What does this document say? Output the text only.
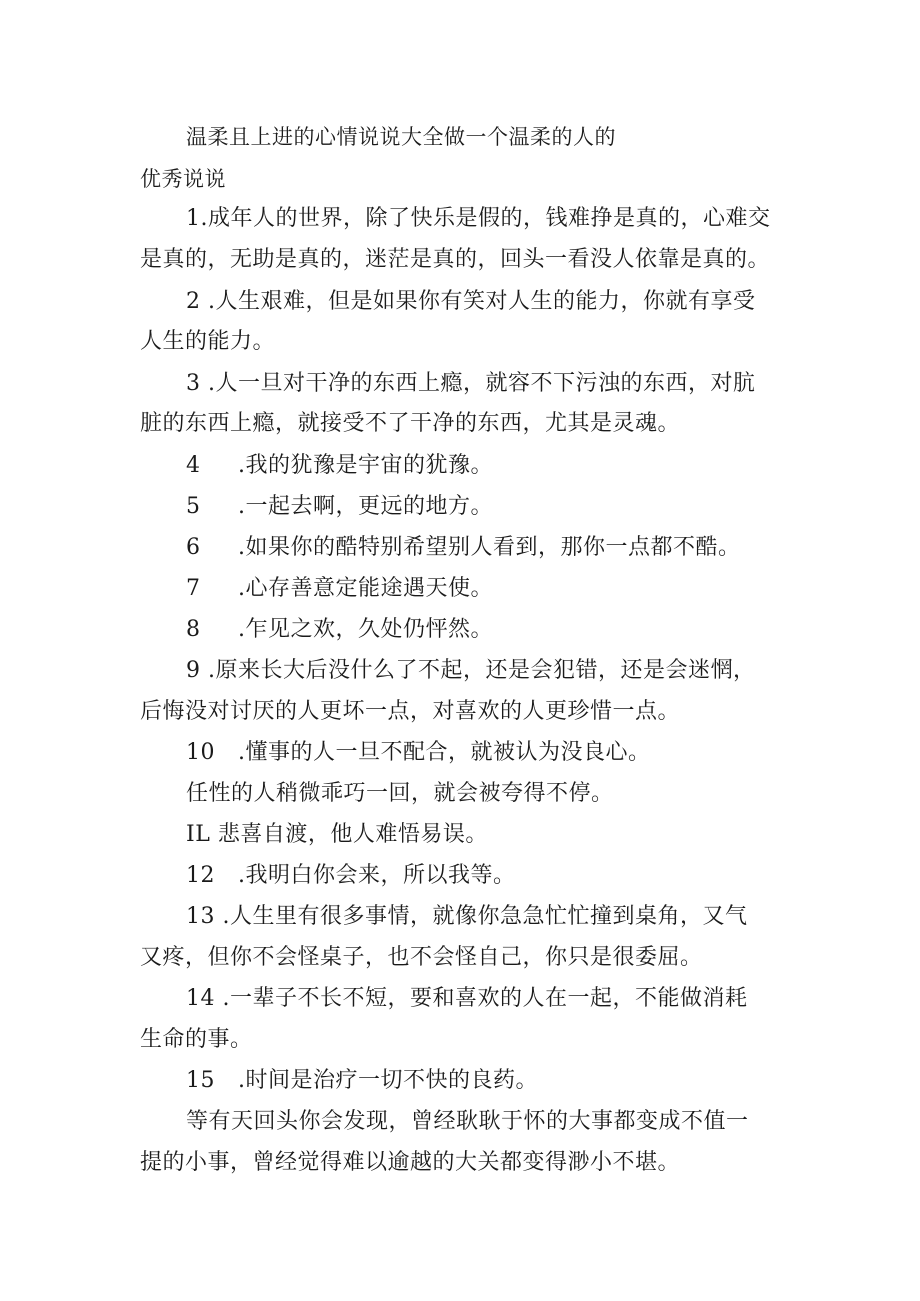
温柔且上进的心情说说大全做一个温柔的人的
优秀说说
1.成年人的世界，除了快乐是假的，钱难挣是真的，心难交
是真的，无助是真的，迷茫是真的，回头一看没人依靠是真的。
2 .人生艰难，但是如果你有笑对人生的能力，你就有享受
人生的能力。
3 .人一旦对干净的东西上瘾，就容不下污浊的东西，对肮
脏的东西上瘾，就接受不了干净的东西，尤其是灵魂。
4 .我的犹豫是宇宙的犹豫。
5 .一起去啊，更远的地方。
6 .如果你的酷特别希望别人看到，那你一点都不酷。
7 .心存善意定能途遇天使。
8 .乍见之欢，久处仍怦然。
9 .原来长大后没什么了不起，还是会犯错，还是会迷惘，
后悔没对讨厌的人更坏一点，对喜欢的人更珍惜一点。
10 .懂事的人一旦不配合，就被认为没良心。
任性的人稍微乖巧一回，就会被夸得不停。
IL 悲喜自渡，他人难悟易误。
12 .我明白你会来，所以我等。
13 .人生里有很多事情，就像你急急忙忙撞到桌角，又气
又疼，但你不会怪桌子，也不会怪自己，你只是很委屈。
14 .一辈子不长不短，要和喜欢的人在一起，不能做消耗
生命的事。
15 .时间是治疗一切不快的良药。
等有天回头你会发现，曾经耿耿于怀的大事都变成不值一
提的小事，曾经觉得难以逾越的大关都变得渺小不堪。
